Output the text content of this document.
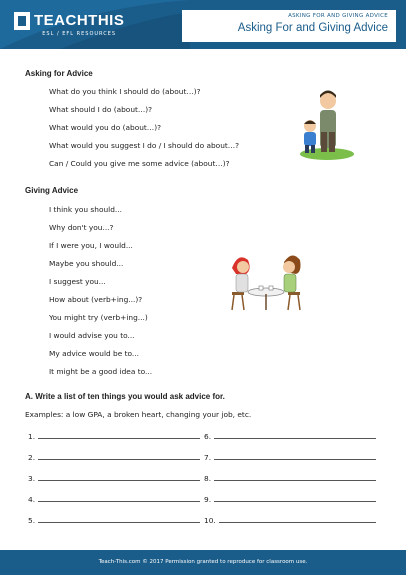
TEACHTHIS
ESL / EFL RESOURCES
ASKING FOR AND GIVING ADVICE
Asking For and Giving Advice
Asking for Advice
What do you think I should do (about…)?
What should I do (about…)?
What would you do (about…)?
What would you suggest I do / I should do about…?
Can / Could you give me some advice (about…)?
Giving Advice
I think you should...
Why don't you...?
If I were you, I would...
Maybe you should...
I suggest you...
How about (verb+ing...)?
You might try (verb+ing...)
I would advise you to...
My advice would be to...
It might be a good idea to...
A. Write a list of ten things you would ask advice for.
Examples: a low GPA, a broken heart, changing your job, etc.
1.
2.
3.
4.
5.
6.
7.
8.
9.
10.
Teach-This.com © 2017 Permission granted to reproduce for classroom use.
